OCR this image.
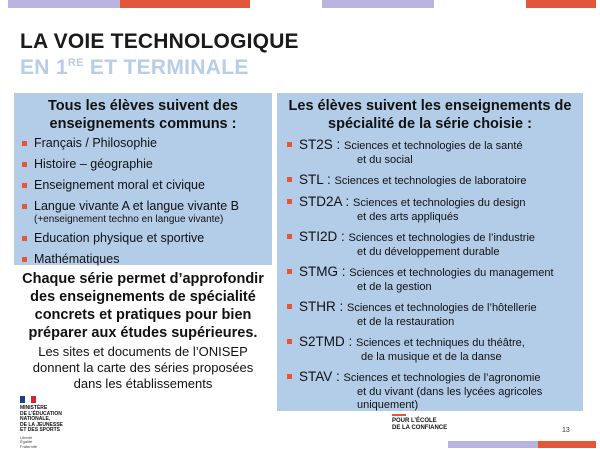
LA VOIE TECHNOLOGIQUE
EN 1RE ET TERMINALE
Tous les élèves suivent des
enseignements communs :
Français / Philosophie
Histoire – géographie
Enseignement moral et civique
Langue vivante A et langue vivante B
(+enseignement techno en langue vivante)
Education physique et sportive
Mathématiques
Les élèves suivent les enseignements de
spécialité de la série choisie :
ST2S : Sciences et technologies de la santé
et du social
STL : Sciences et technologies de laboratoire
STD2A : Sciences et technologies du design
et des arts appliqués
STI2D : Sciences et technologies de l’industrie
et du développement durable
STMG : Sciences et technologies du management
et de la gestion
STHR : Sciences et technologies de l’hôtellerie
et de la restauration
S2TMD : Sciences et techniques du théâtre,
de la musique et de la danse
STAV : Sciences et technologies de l’agronomie
et du vivant (dans les lycées agricoles
uniquement)
Chaque série permet d’approfondir
des enseignements de spécialité
concrets et pratiques pour bien
préparer aux études supérieures.
Les sites et documents de l’ONISEP
donnent la carte des séries proposées
dans les établissements
MINISTÈRE
DE L’ÉDUCATION
NATIONALE,
DE LA JEUNESSE
ET DES SPORTS
Liberté
Égalité
Fraternité
POUR L’ÉCOLE
DE LA CONFIANCE	13
